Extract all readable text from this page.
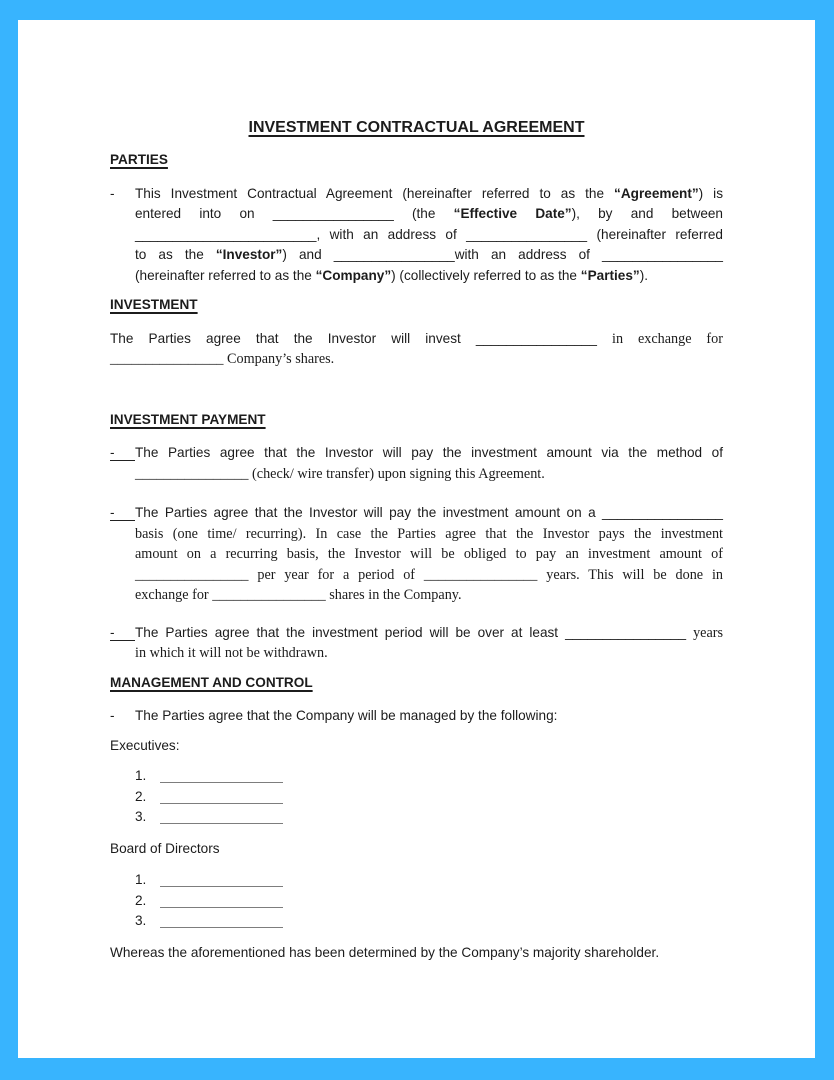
INVESTMENT CONTRACTUAL AGREEMENT
PARTIES
-	This Investment Contractual Agreement (hereinafter referred to as the “Agreement”) is
entered into on ________________ (the “Effective Date”), by and between
________________________, with an address of ________________ (hereinafter referred
to as the “Investor”) and ________________with an address of ________________
(hereinafter referred to as the “Company”) (collectively referred to as the “Parties”).
INVESTMENT
The Parties agree that the Investor will invest ________________ in exchange for
________________ Company’s shares.
INVESTMENT PAYMENT
-	The Parties agree that the Investor will pay the investment amount via the method of
________________ (check/ wire transfer) upon signing this Agreement.
-	The Parties agree that the Investor will pay the investment amount on a ________________
basis (one time/ recurring). In case the Parties agree that the Investor pays the investment
amount on a recurring basis, the Investor will be obliged to pay an investment amount of
________________ per year for a period of ________________ years. This will be done in
exchange for ________________ shares in the Company.
-	The Parties agree that the investment period will be over at least ________________ years
in which it will not be withdrawn.
MANAGEMENT AND CONTROL
-	The Parties agree that the Company will be managed by the following:
Executives:
1.
2.
3.
Board of Directors
1.
2.
3.
Whereas the aforementioned has been determined by the Company’s majority shareholder.
